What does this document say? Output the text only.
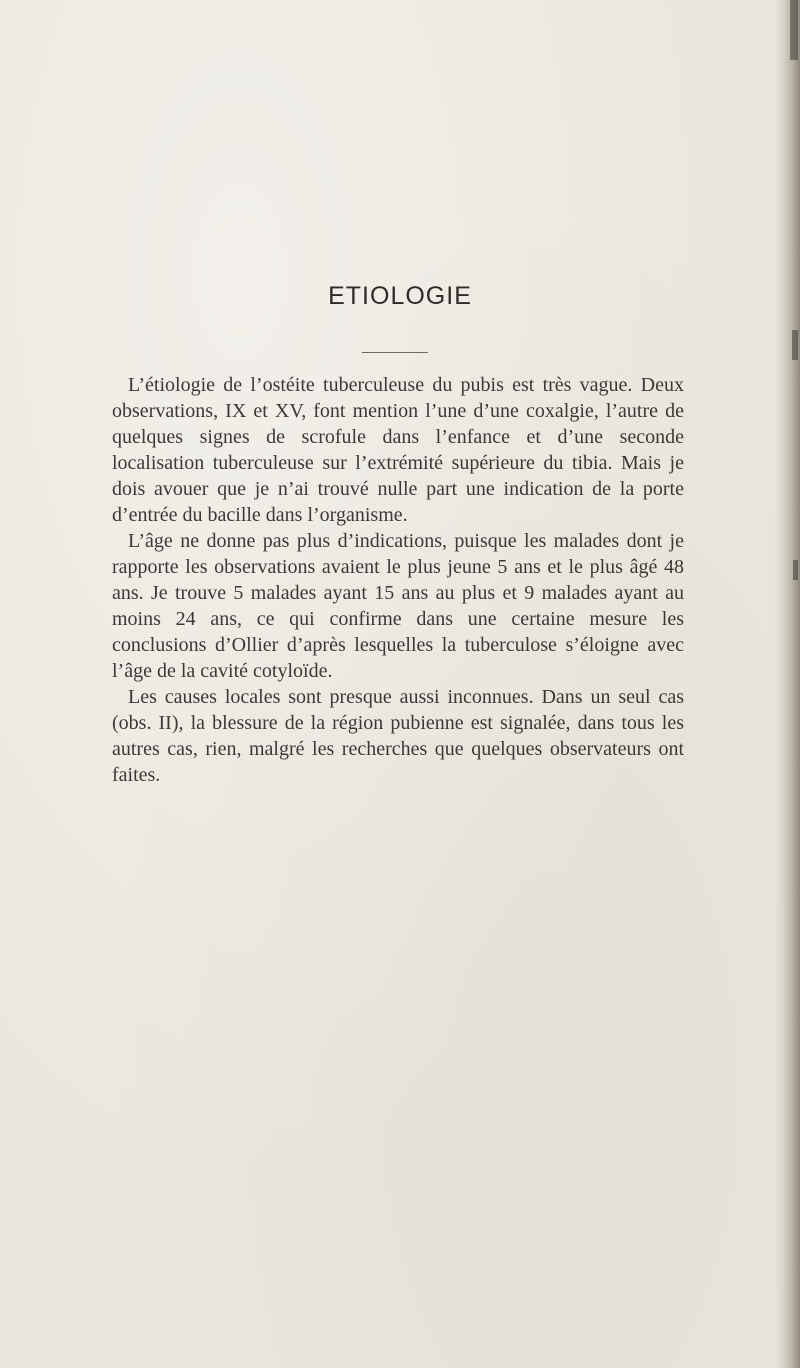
ETIOLOGIE

L’étiologie de l’ostéite tuberculeuse du pubis est très vague. Deux observations, IX et XV, font mention l’une d’une coxalgie, l’autre de quelques signes de scrofule dans l’enfance et d’une seconde localisation tuberculeuse sur l’extrémité supérieure du tibia. Mais je dois avouer que je n’ai trouvé nulle part une indication de la porte d’entrée du bacille dans l’organisme.

L’âge ne donne pas plus d’indications, puisque les malades dont je rapporte les observations avaient le plus jeune 5 ans et le plus âgé 48 ans. Je trouve 5 malades ayant 15 ans au plus et 9 malades ayant au moins 24 ans, ce qui confirme dans une certaine mesure les conclusions d’Ollier d’après lesquelles la tuberculose s’éloigne avec l’âge de la cavité cotyloïde.

Les causes locales sont presque aussi inconnues. Dans un seul cas (obs. II), la blessure de la région pubienne est signalée, dans tous les autres cas, rien, malgré les recherches que quelques observateurs ont faites.
